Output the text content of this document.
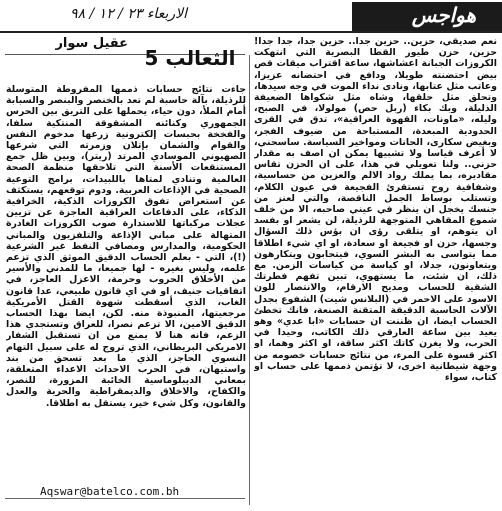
الاربعاء ٢٣ / ١٢ / ٩٨	هواجس
عقيل سوار
الثعالب 5
نعم صديقي، حزين.. حزين جدا.. حزين جدا، جدا جدا! حزين، حزن طيور القطا البصرية التي انتهكت الكروزات الجبانة اعشاشها، ساعة اقتراب ميقات قص بيض احتضنته طويلا، ودافع في احتضانه عزيزا، وعاتب مثل عتابها، ونادى نداء الموت في وجه سيدها، وتحلق مثل حلقها، وشاه مثل شكواها الضعيفة الذليلة، وبك بكاء (ربل حص) مولولا، في الصبح، وليله، «ماونات، القهوة العراقية»، تدق في القرى الحدودية المبعدة، المستباحة من ضيوف الفجر، وبغيض سكارى، الحانات ومواخير السياسة. ساسحني، لا أعرف قياسا ولا تشبيها يمكن ان اصف به مقدار حزني.. ولنا تعويلي في هذا، على ان الحزن تقاس مقاديره، بما يملك رواد الالم والعزين من حساسية، وشفافية روح تستقرئ الفجيعة في عيون الكلام، وتستلب بوساط الجمل الناقصة، والتي لعنز من جنسك يخجل ان ينظر في عيني صاحبه، الا من خلف شموع المقاهي المتوجهة للرذيلة، لن يشعر او بفسد ان يتوهم، او يتلقى رؤى ان بؤس ذلك السؤال وجسها، حزن او فجيعة او سعادة، او اي شيء اطلاقا مما يتواسى به البشر السوي، فيتحابون ويتكارهون ويتعاونون، جدلا، او كياسة من كياسات الزمن. مع ذلك، ان شئت، ما يستهوي، تبين تفهم فطرتك الشقية للحساب ومديح الارقام، والانتصار للون الاسود على الاحمر في (البلانس شيت) الشفوع بجدل الآلات الحاسبة الدقيقة المتقنة الصنعة، فانك تخطئ الحساب ايضا، ان ظننت ان حسابات «ابا عدي» وهو يعيد بين ساعة العارقي ذلك الكاتب، وحيدا في الحرب، ولا يغرن كاتك اكثر ساقة، او اكثر وهما، او اكثر قسوة على المرء، من نتائج حسابات خصومه من وجهة شيطانية اخرى، لا تؤتمن ذممها على حساب او كتاب، سواء
جاءت نتائج حسابات ذممها المفروطة المتوسلة للرذيلة، بآلة حاسبة لم تعد بالخنصر والبنصر والسبابة أمام الملأ، دون حياء، يحملها على التريق بين الحرس الجمهوري وكنائنه المشقوقة المنتكية سلفا، والفخخة بحبسات إلكترونية زرعها مدخوم النفس والقوام والشمان بإتلان وزمرته التي شرعها الصهيوني الموسادي المرتد (ريتر)، وبين ظل جمع المستنقعات الأسنة التي تلاحقها منظمة الصحة العالمية وتنادي لمتاها باللبيدات، برامج التوعية الصحية في الإذاعات العربية. ودوم توقعهم، يستكثف عن استعراض تفوق الكروزات الذكية، الخرافية الذكاء، على الدفاعات العراقية العاجزة عن تزيين عجلات مركباتها للاستدارة صوب الكروزات الغادرة المتهالة على مباني الإذاعة والتلفزيون والمباني الحكومية، والمدارس ومصافي النفط غير الشرعية (!)، التي - بعلم الحساب الدقيق الموثق الذي تزعم علمه، وليس بغيره - لها جميعا، ما للمدني والأسير من الأخلاق الحروب وحرمة، الاعزل العاجز، في اتفاقيات جنيف، او في اي قانون طبيعي، عدا قانون الغاب، الذي أسقطت شهوة القتل الأمريكية مرجعيتها، المنبوذة منه. لكن، ايضا بهذا الحساب الدقيق الامين، الا تزعم نصرا، للعراق وتستجدي هذا الزعم، فانه هنا لا يمنع من ان تستقبل الشفار الامريكي البريطاني، الذي تروج له على سبيل التهام النسوي الحاجز، الذي ما بعد تسحق من بند واستيهان، في الحرب الاحداث الاعداء المتعلقة، بمعاني الديبلوماسية الخائبة المزورة، للنصر، والكفاح، والاخلاق والديمقراطية والحرية والعدل والقانون، وكل شيء خير، يستقل به اطلاقا.
Aqswar@batelco.com.bh
